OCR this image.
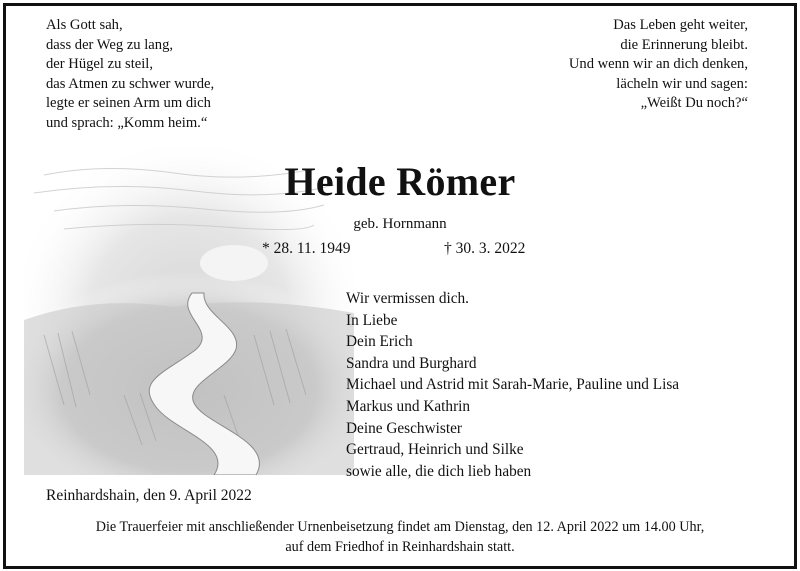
Als Gott sah,
dass der Weg zu lang,
der Hügel zu steil,
das Atmen zu schwer wurde,
legte er seinen Arm um dich
und sprach: „Komm heim.“
Das Leben geht weiter,
die Erinnerung bleibt.
Und wenn wir an dich denken,
lächeln wir und sagen:
„Weißt Du noch?“
Heide Römer
geb. Hornmann
* 28. 11. 1949	† 30. 3. 2022
Wir vermissen dich.
In Liebe
Dein Erich
Sandra und Burghard
Michael und Astrid mit Sarah-Marie, Pauline und Lisa
Markus und Kathrin
Deine Geschwister
Gertraud, Heinrich und Silke
sowie alle, die dich lieb haben
Reinhardshain, den 9. April 2022
Die Trauerfeier mit anschließender Urnenbeisetzung findet am Dienstag, den 12. April 2022 um 14.00 Uhr,
auf dem Friedhof in Reinhardshain statt.
